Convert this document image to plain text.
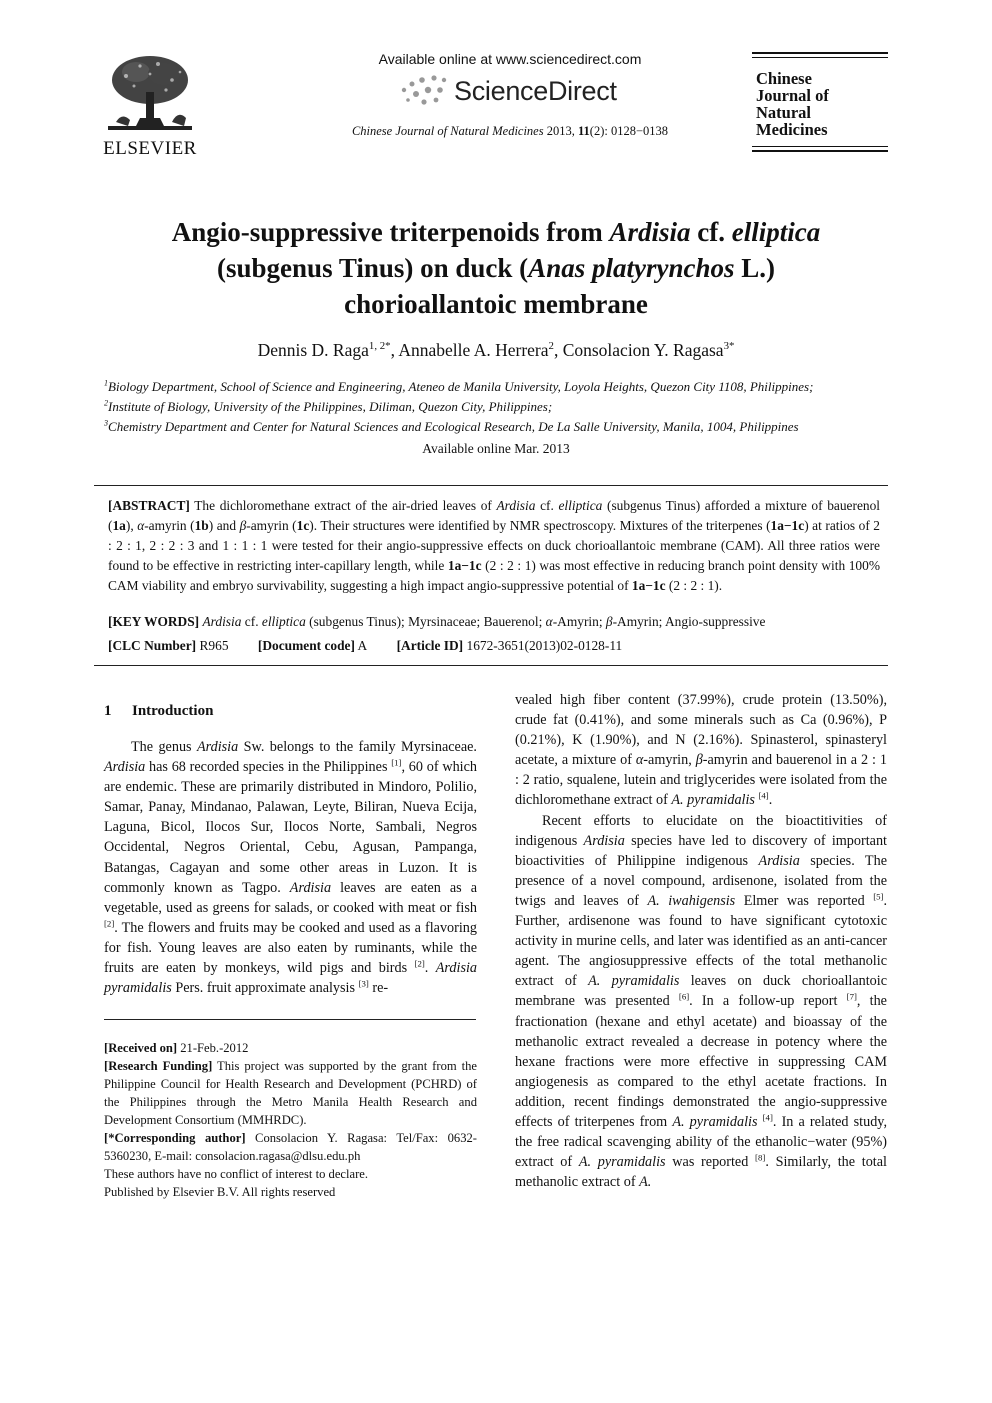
ELSEVIER
Available online at www.sciencedirect.com
ScienceDirect
Chinese Journal of Natural Medicines 2013, 11(2): 0128−0138
Chinese
Journal of
Natural
Medicines
Angio-suppressive triterpenoids from Ardisia cf. elliptica
(subgenus Tinus) on duck (Anas platyrynchos L.)
chorioallantoic membrane
Dennis D. Raga$^{1, 2*}$, Annabelle A. Herrera$^2$, Consolacion Y. Ragasa$^{3*}$
$^1$Biology Department, School of Science and Engineering, Ateneo de Manila University, Loyola Heights, Quezon City 1108, Philippines;
$^2$Institute of Biology, University of the Philippines, Diliman, Quezon City, Philippines;
$^3$Chemistry Department and Center for Natural Sciences and Ecological Research, De La Salle University, Manila, 1004, Philippines
Available online Mar. 2013
[ABSTRACT] The dichloromethane extract of the air-dried leaves of Ardisia cf. elliptica (subgenus Tinus) afforded a mixture of bauerenol (1a), α-amyrin (1b) and β-amyrin (1c). Their structures were identified by NMR spectroscopy. Mixtures of the triterpenes (1a−1c) at ratios of 2 : 2 : 1, 2 : 2 : 3 and 1 : 1 : 1 were tested for their angio-suppressive effects on duck chorioallantoic membrane (CAM). All three ratios were found to be effective in restricting inter-capillary length, while 1a−1c (2 : 2 : 1) was most effective in reducing branch point density with 100% CAM viability and embryo survivability, suggesting a high impact angio-suppressive potential of 1a−1c (2 : 2 : 1).
[KEY WORDS] Ardisia cf. elliptica (subgenus Tinus); Myrsinaceae; Bauerenol; α-Amyrin; β-Amyrin; Angio-suppressive
[CLC Number] R965 [Document code] A [Article ID] 1672-3651(2013)02-0128-11
1 Introduction

The genus Ardisia Sw. belongs to the family Myrsinaceae. Ardisia has 68 recorded species in the Philippines [1], 60 of which are endemic. These are primarily distributed in Mindoro, Polilio, Samar, Panay, Mindanao, Palawan, Leyte, Biliran, Nueva Ecija, Laguna, Bicol, Ilocos Sur, Ilocos Norte, Sambali, Negros Occidental, Negros Oriental, Cebu, Agusan, Pampanga, Batangas, Cagayan and some other areas in Luzon. It is commonly known as Tagpo. Ardisia leaves are eaten as a vegetable, used as greens for salads, or cooked with meat or fish [2]. The flowers and fruits may be cooked and used as a flavoring for fish. Young leaves are also eaten by ruminants, while the fruits are eaten by monkeys, wild pigs and birds [2]. Ardisia pyramidalis Pers. fruit approximate analysis [3] re-

[Received on] 21-Feb.-2012
[Research Funding] This project was supported by the grant from the Philippine Council for Health Research and Development (PCHRD) of the Philippines through the Metro Manila Health Research and Development Consortium (MMHRDC).
[*Corresponding author] Consolacion Y. Ragasa: Tel/Fax: 0632-5360230, E-mail: consolacion.ragasa@dlsu.edu.ph
These authors have no conflict of interest to declare.
Published by Elsevier B.V. All rights reserved

vealed high fiber content (37.99%), crude protein (13.50%), crude fat (0.41%), and some minerals such as Ca (0.96%), P (0.21%), K (1.90%), and N (2.16%). Spinasterol, spinasteryl acetate, a mixture of α-amyrin, β-amyrin and bauerenol in a 2 : 1 : 2 ratio, squalene, lutein and triglycerides were isolated from the dichloromethane extract of A. pyramidalis [4].

Recent efforts to elucidate on the bioactitivities of indigenous Ardisia species have led to discovery of important bioactivities of Philippine indigenous Ardisia species. The presence of a novel compound, ardisenone, isolated from the twigs and leaves of A. iwahigensis Elmer was reported [5]. Further, ardisenone was found to have significant cytotoxic activity in murine cells, and later was identified as an anti-cancer agent. The angiosuppressive effects of the total methanolic extract of A. pyramidalis leaves on duck chorioallantoic membrane was presented [6]. In a follow-up report [7], the fractionation (hexane and ethyl acetate) and bioassay of the methanolic extract revealed a decrease in potency where the hexane fractions were more effective in suppressing CAM angiogenesis as compared to the ethyl acetate fractions. In addition, recent findings demonstrated the angio-suppressive effects of triterpenes from A. pyramidalis [4]. In a related study, the free radical scavenging ability of the ethanolic−water (95%) extract of A. pyramidalis was reported [8]. Similarly, the total methanolic extract of A.
